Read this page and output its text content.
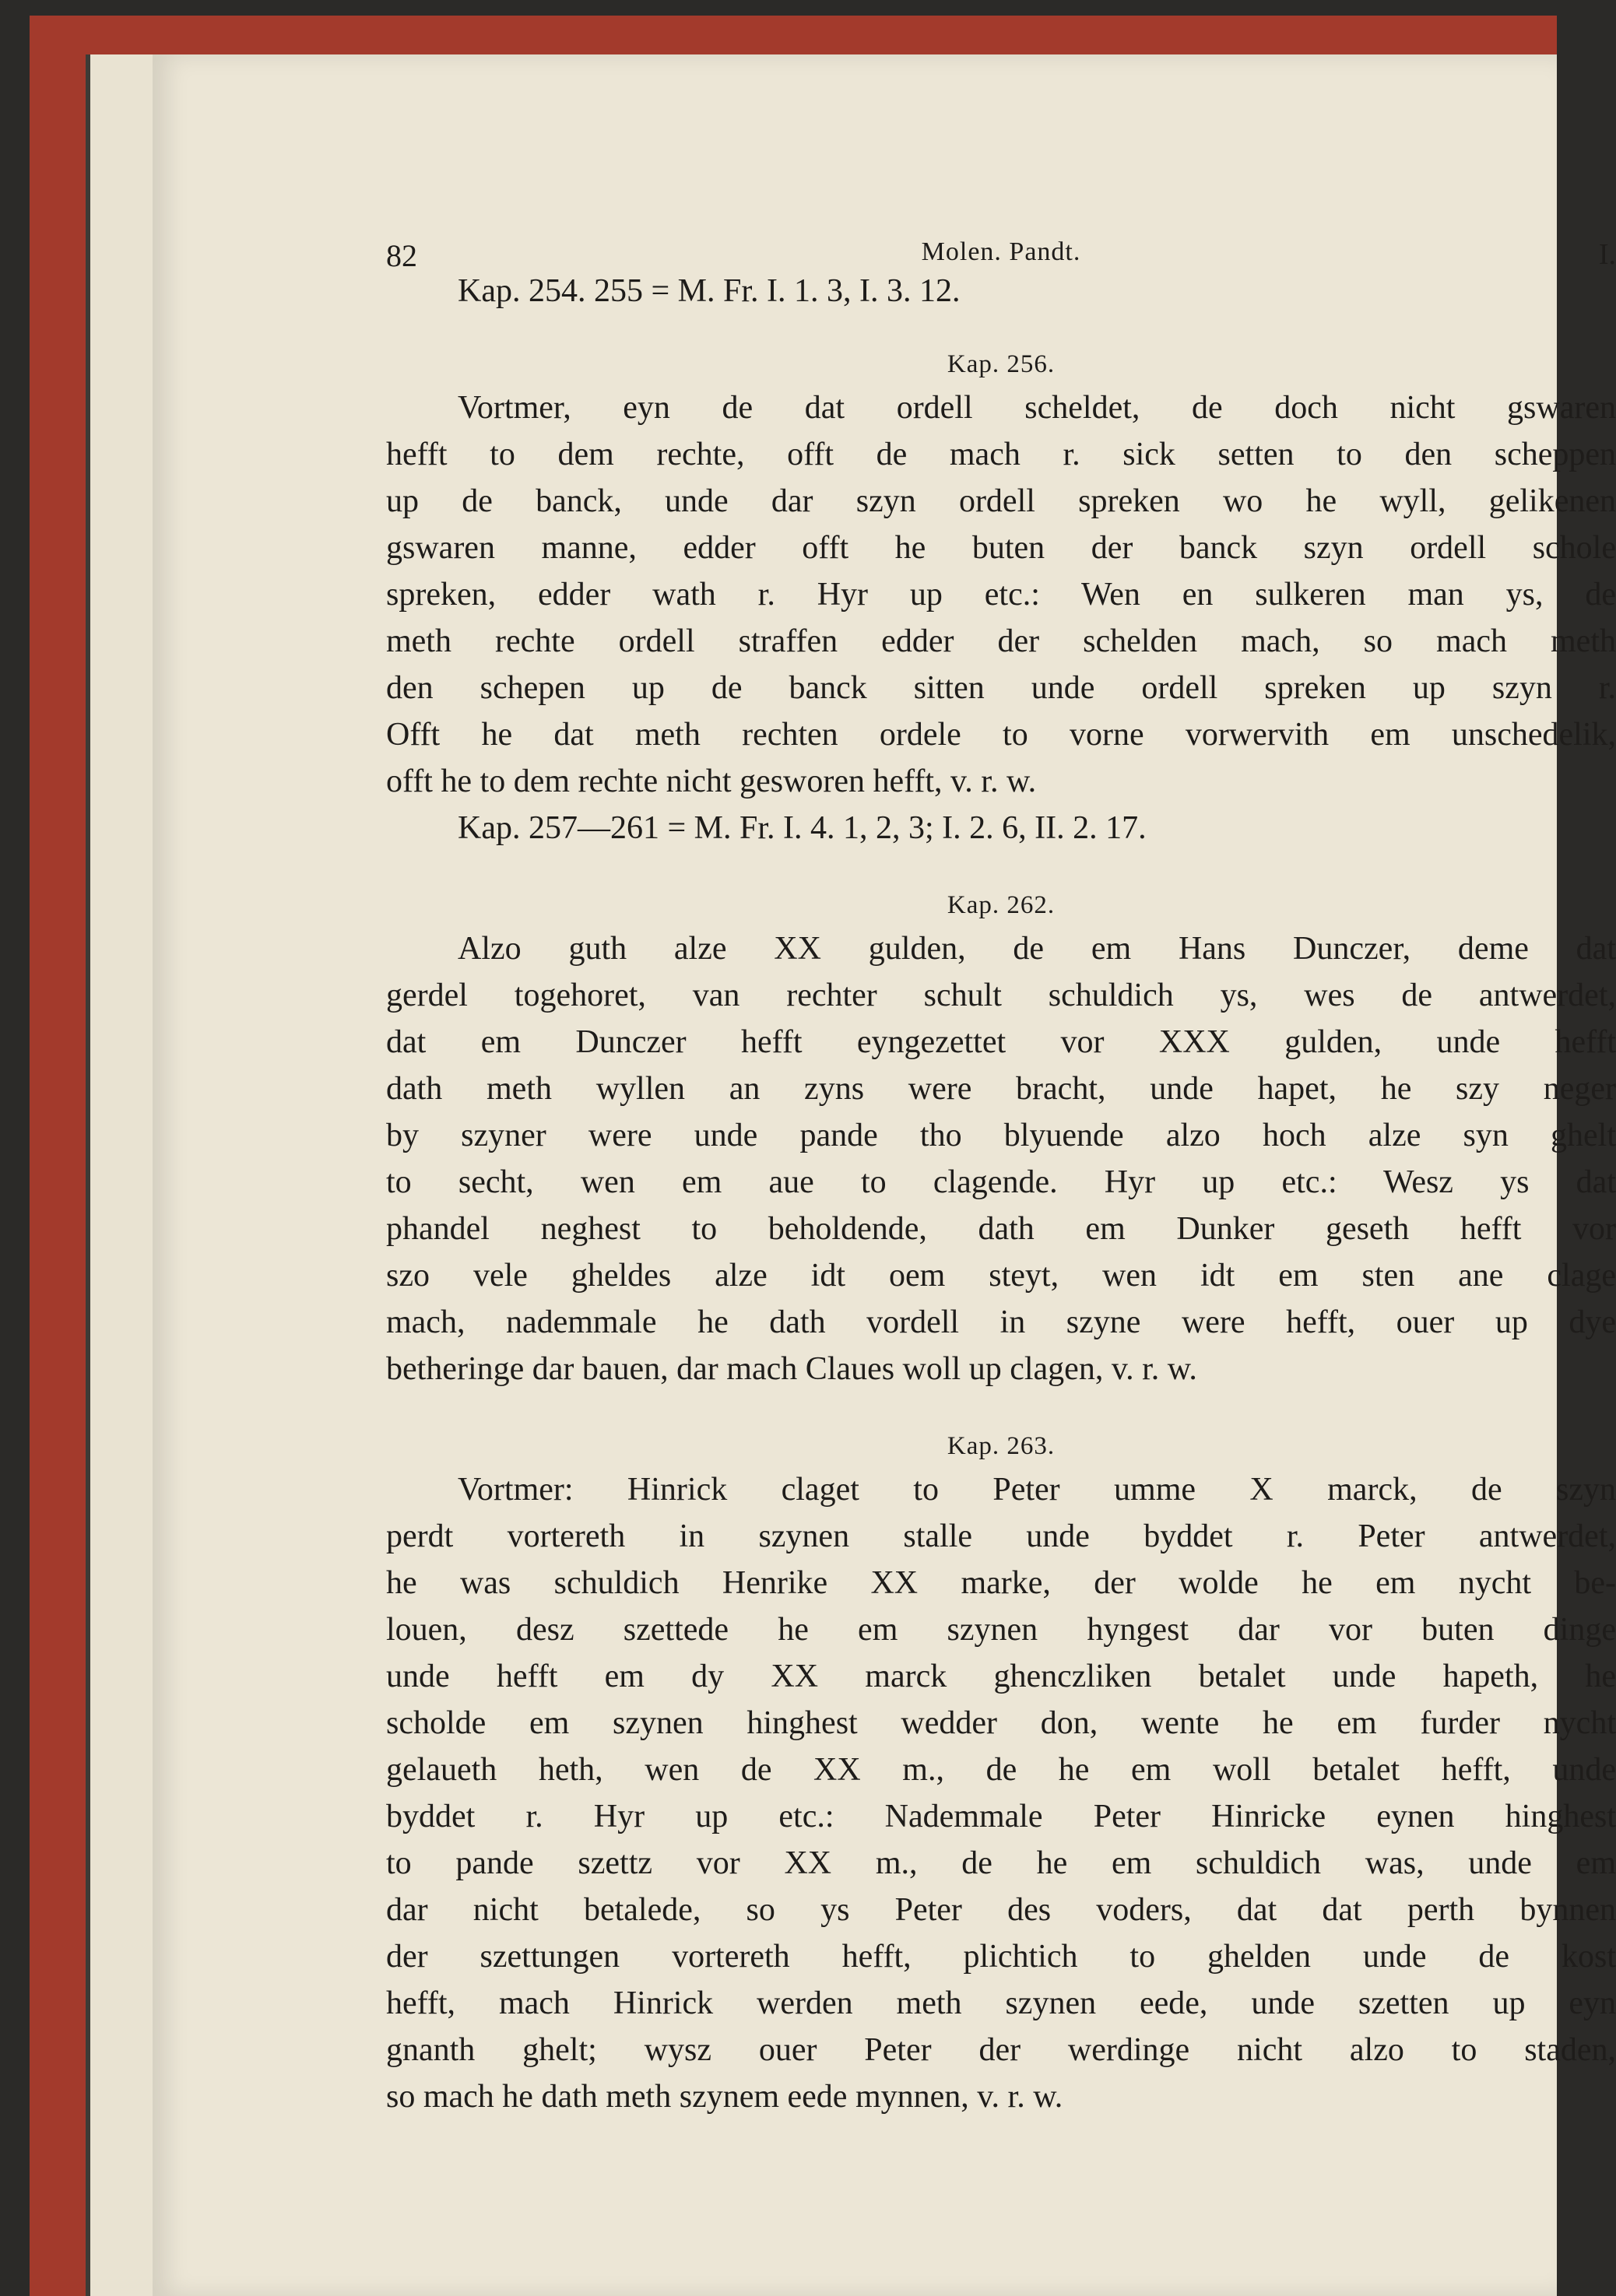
82	Molen. Pandt.	I.
Kap. 254. 255 = M. Fr. I. 1. 3, I. 3. 12.
Kap. 256.
Vortmer, eyn de dat ordell scheldet, de doch nicht gswaren
hefft to dem rechte, offt de mach r. sick setten to den scheppen
up de banck, unde dar szyn ordell spreken wo he wyll, gelikenen
gswaren manne, edder offt he buten der banck szyn ordell schole
spreken, edder wath r. Hyr up etc.: Wen en sulkeren man ys, de
meth rechte ordell straffen edder der schelden mach, so mach meth
den schepen up de banck sitten unde ordell spreken up szyn r.
Offt he dat meth rechten ordele to vorne vorwervith em unschedelik,
offt he to dem rechte nicht gesworen hefft, v. r. w.
Kap. 257—261 = M. Fr. I. 4. 1, 2, 3; I. 2. 6, II. 2. 17.
Kap. 262.
Alzo guth alze XX gulden, de em Hans Dunczer, deme dat
gerdel togehoret, van rechter schult schuldich ys, wes de antwerdet,
dat em Dunczer hefft eyngezettet vor XXX gulden, unde hefft
dath meth wyllen an zyns were bracht, unde hapet, he szy neger
by szyner were unde pande tho blyuende alzo hoch alze syn ghelt
to secht, wen em aue to clagende. Hyr up etc.: Wesz ys dat
phandel neghest to beholdende, dath em Dunker geseth hefft vor
szo vele gheldes alze idt oem steyt, wen idt em sten ane clage
mach, nademmale he dath vordell in szyne were hefft, ouer up dye
betheringe dar bauen, dar mach Claues woll up clagen, v. r. w.
Kap. 263.
Vortmer: Hinrick claget to Peter umme X marck, de szyn
perdt vortereth in szynen stalle unde byddet r. Peter antwerdet,
he was schuldich Henrike XX marke, der wolde he em nycht be-
louen, desz szettede he em szynen hyngest dar vor buten dinge
unde hefft em dy XX marck ghenczliken betalet unde hapeth, he
scholde em szynen hinghest wedder don, wente he em furder nycht
gelaueth heth, wen de XX m., de he em woll betalet hefft, unde
byddet r. Hyr up etc.: Nademmale Peter Hinricke eynen hinghest
to pande szettz vor XX m., de he em schuldich was, unde em
dar nicht betalede, so ys Peter des voders, dat dat perth bynnen
der szettungen vortereth hefft, plichtich to ghelden unde de kost
hefft, mach Hinrick werden meth szynen eede, unde szetten up eyn
gnanth ghelt; wysz ouer Peter der werdinge nicht alzo to staden,
so mach he dath meth szynem eede mynnen, v. r. w.
